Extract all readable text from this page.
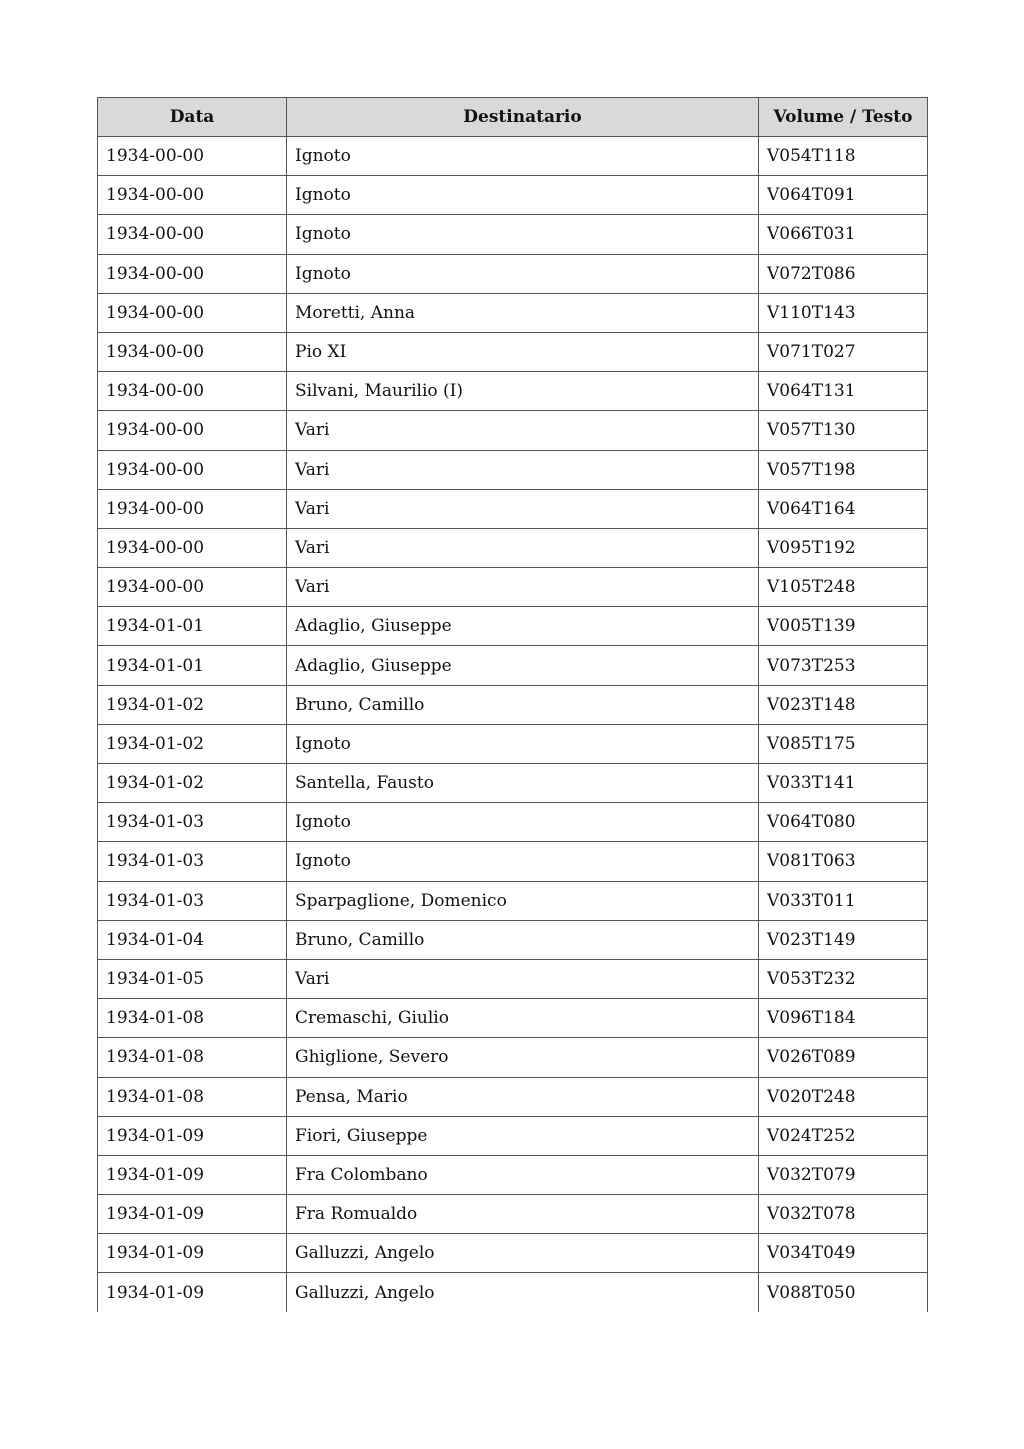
Data	Destinatario	Volume / Testo
1934-00-00	Ignoto	V054T118
1934-00-00	Ignoto	V064T091
1934-00-00	Ignoto	V066T031
1934-00-00	Ignoto	V072T086
1934-00-00	Moretti, Anna	V110T143
1934-00-00	Pio XI	V071T027
1934-00-00	Silvani, Maurilio (I)	V064T131
1934-00-00	Vari	V057T130
1934-00-00	Vari	V057T198
1934-00-00	Vari	V064T164
1934-00-00	Vari	V095T192
1934-00-00	Vari	V105T248
1934-01-01	Adaglio, Giuseppe	V005T139
1934-01-01	Adaglio, Giuseppe	V073T253
1934-01-02	Bruno, Camillo	V023T148
1934-01-02	Ignoto	V085T175
1934-01-02	Santella, Fausto	V033T141
1934-01-03	Ignoto	V064T080
1934-01-03	Ignoto	V081T063
1934-01-03	Sparpaglione, Domenico	V033T011
1934-01-04	Bruno, Camillo	V023T149
1934-01-05	Vari	V053T232
1934-01-08	Cremaschi, Giulio	V096T184
1934-01-08	Ghiglione, Severo	V026T089
1934-01-08	Pensa, Mario	V020T248
1934-01-09	Fiori, Giuseppe	V024T252
1934-01-09	Fra Colombano	V032T079
1934-01-09	Fra Romualdo	V032T078
1934-01-09	Galluzzi, Angelo	V034T049
1934-01-09	Galluzzi, Angelo	V088T050
